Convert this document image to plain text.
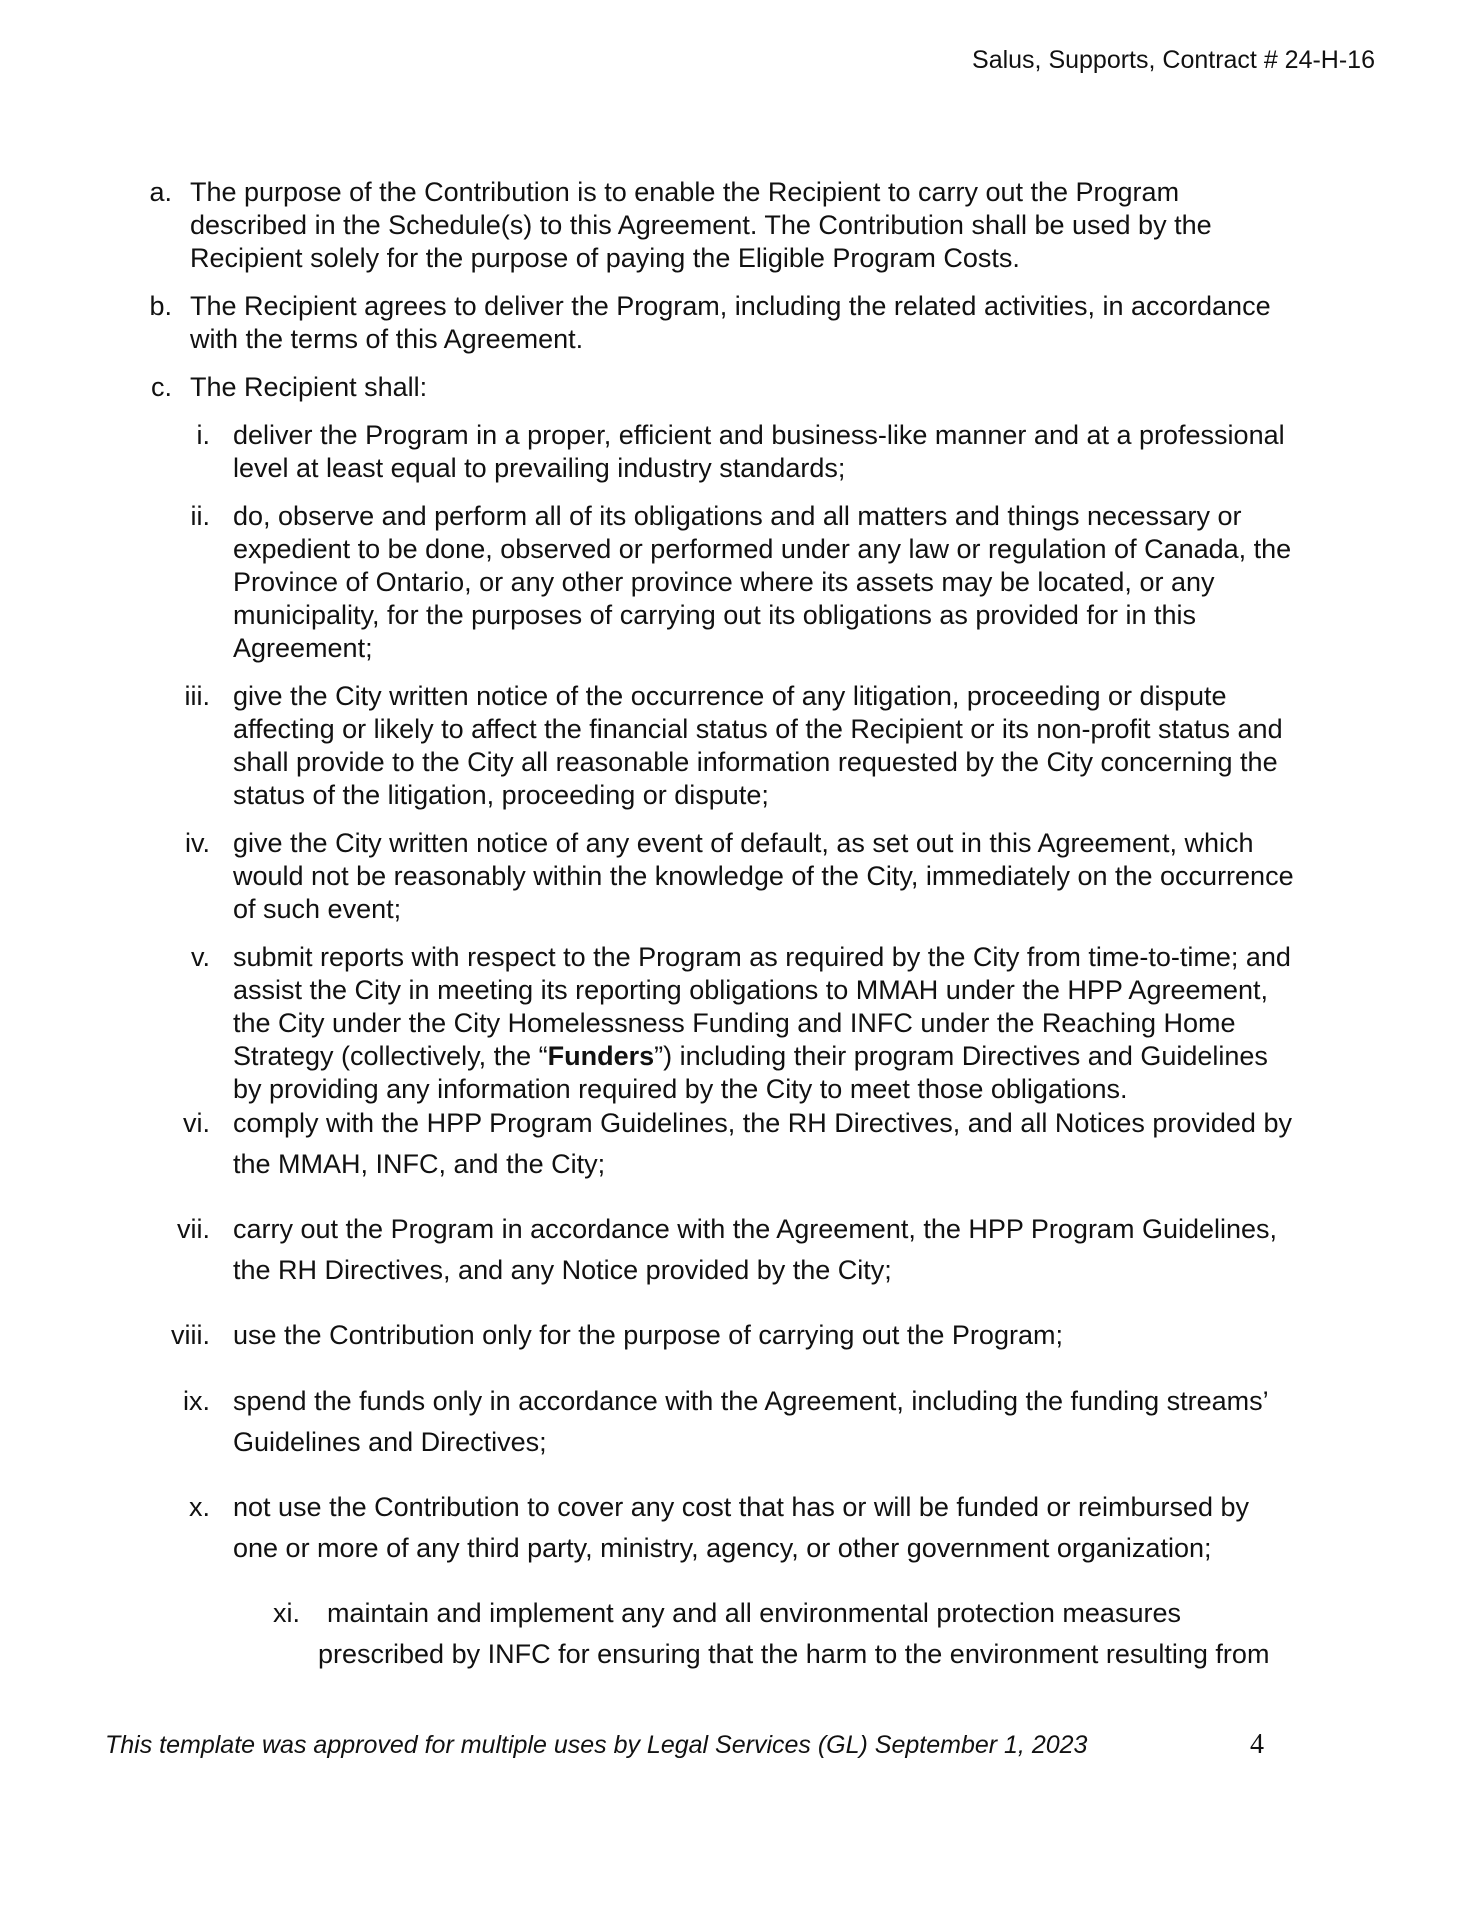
Salus, Supports, Contract # 24-H-16
a. The purpose of the Contribution is to enable the Recipient to carry out the Program
described in the Schedule(s) to this Agreement. The Contribution shall be used by the
Recipient solely for the purpose of paying the Eligible Program Costs.
b. The Recipient agrees to deliver the Program, including the related activities, in accordance
with the terms of this Agreement.
c. The Recipient shall:
i. deliver the Program in a proper, efficient and business-like manner and at a professional
level at least equal to prevailing industry standards;
ii. do, observe and perform all of its obligations and all matters and things necessary or
expedient to be done, observed or performed under any law or regulation of Canada, the
Province of Ontario, or any other province where its assets may be located, or any
municipality, for the purposes of carrying out its obligations as provided for in this
Agreement;
iii. give the City written notice of the occurrence of any litigation, proceeding or dispute
affecting or likely to affect the financial status of the Recipient or its non-profit status and
shall provide to the City all reasonable information requested by the City concerning the
status of the litigation, proceeding or dispute;
iv. give the City written notice of any event of default, as set out in this Agreement, which
would not be reasonably within the knowledge of the City, immediately on the occurrence
of such event;
v. submit reports with respect to the Program as required by the City from time-to-time; and
assist the City in meeting its reporting obligations to MMAH under the HPP Agreement,
the City under the City Homelessness Funding and INFC under the Reaching Home
Strategy (collectively, the “Funders”) including their program Directives and Guidelines
by providing any information required by the City to meet those obligations.
vi. comply with the HPP Program Guidelines, the RH Directives, and all Notices provided by
the MMAH, INFC, and the City;
vii. carry out the Program in accordance with the Agreement, the HPP Program Guidelines,
the RH Directives, and any Notice provided by the City;
viii. use the Contribution only for the purpose of carrying out the Program;
ix. spend the funds only in accordance with the Agreement, including the funding streams’
Guidelines and Directives;
x. not use the Contribution to cover any cost that has or will be funded or reimbursed by
one or more of any third party, ministry, agency, or other government organization;
xi. maintain and implement any and all environmental protection measures
prescribed by INFC for ensuring that the harm to the environment resulting from
This template was approved for multiple uses by Legal Services (GL) September 1, 2023	4
